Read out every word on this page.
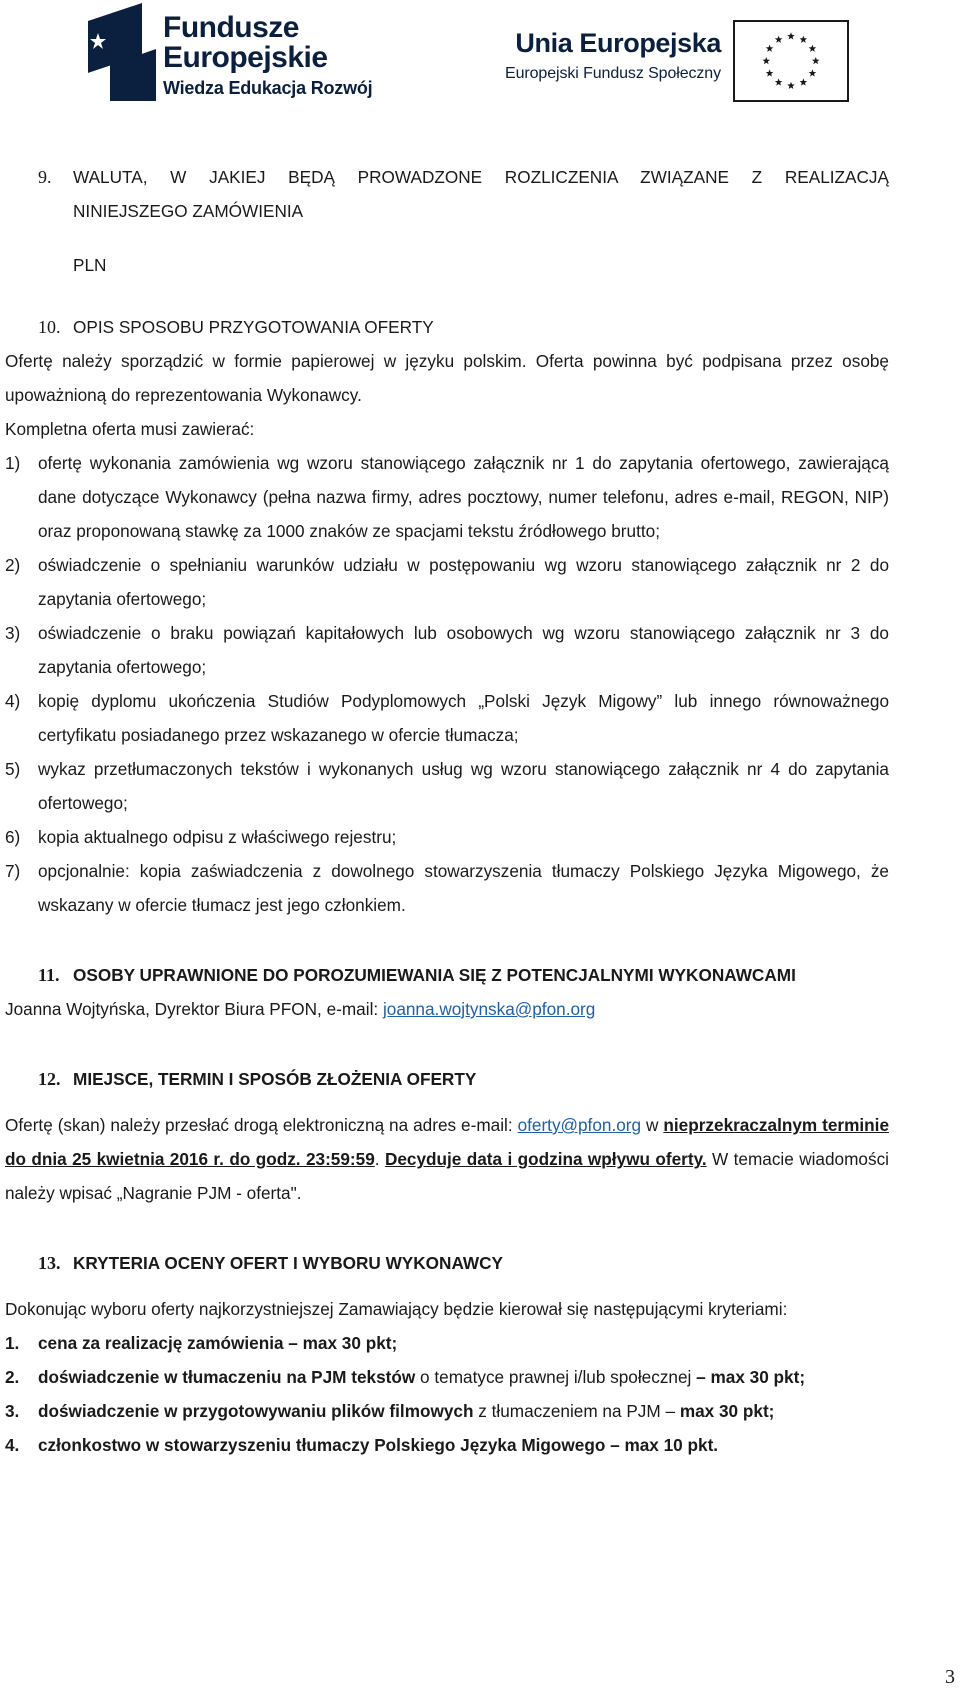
Fundusze
Europejskie
Wiedza Edukacja Rozwój
Unia Europejska
Europejski Fundusz Społeczny
9. WALUTA, W JAKIEJ BĘDĄ PROWADZONE ROZLICZENIA ZWIĄZANE Z REALIZACJĄ
NINIEJSZEGO ZAMÓWIENIA
PLN
10. OPIS SPOSOBU PRZYGOTOWANIA OFERTY

Ofertę należy sporządzić w formie papierowej w języku polskim. Oferta powinna być podpisana przez osobę upoważnioną do reprezentowania Wykonawcy.

Kompletna oferta musi zawierać:

1) ofertę wykonania zamówienia wg wzoru stanowiącego załącznik nr 1 do zapytania ofertowego, zawierającą dane dotyczące Wykonawcy (pełna nazwa firmy, adres pocztowy, numer telefonu, adres e-mail, REGON, NIP) oraz proponowaną stawkę za 1000 znaków ze spacjami tekstu źródłowego brutto;
2) oświadczenie o spełnianiu warunków udziału w postępowaniu wg wzoru stanowiącego załącznik nr 2 do zapytania ofertowego;
3) oświadczenie o braku powiązań kapitałowych lub osobowych wg wzoru stanowiącego załącznik nr 3 do zapytania ofertowego;
4) kopię dyplomu ukończenia Studiów Podyplomowych „Polski Język Migowy” lub innego równoważnego certyfikatu posiadanego przez wskazanego w ofercie tłumacza;
5) wykaz przetłumaczonych tekstów i wykonanych usług wg wzoru stanowiącego załącznik nr 4 do zapytania ofertowego;
6) kopia aktualnego odpisu z właściwego rejestru;
7) opcjonalnie: kopia zaświadczenia z dowolnego stowarzyszenia tłumaczy Polskiego Języka Migowego, że wskazany w ofercie tłumacz jest jego członkiem.
11. OSOBY UPRAWNIONE DO POROZUMIEWANIA SIĘ Z POTENCJALNYMI WYKONAWCAMI

Joanna Wojtyńska, Dyrektor Biura PFON, e-mail: joanna.wojtynska@pfon.org

12. MIEJSCE, TERMIN I SPOSÓB ZŁOŻENIA OFERTY

Ofertę (skan) należy przesłać drogą elektroniczną na adres e-mail: oferty@pfon.org w nieprzekraczalnym terminie do dnia 25 kwietnia 2016 r. do godz. 23:59:59. Decyduje data i godzina wpływu oferty. W temacie wiadomości należy wpisać „Nagranie PJM - oferta".

13. KRYTERIA OCENY OFERT I WYBORU WYKONAWCY

Dokonując wyboru oferty najkorzystniejszej Zamawiający będzie kierował się następującymi kryteriami:

1. cena za realizację zamówienia – max 30 pkt;
2. doświadczenie w tłumaczeniu na PJM tekstów o tematyce prawnej i/lub społecznej – max 30 pkt;
3. doświadczenie w przygotowywaniu plików filmowych z tłumaczeniem na PJM – max 30 pkt;
4. członkostwo w stowarzyszeniu tłumaczy Polskiego Języka Migowego – max 10 pkt.
3
